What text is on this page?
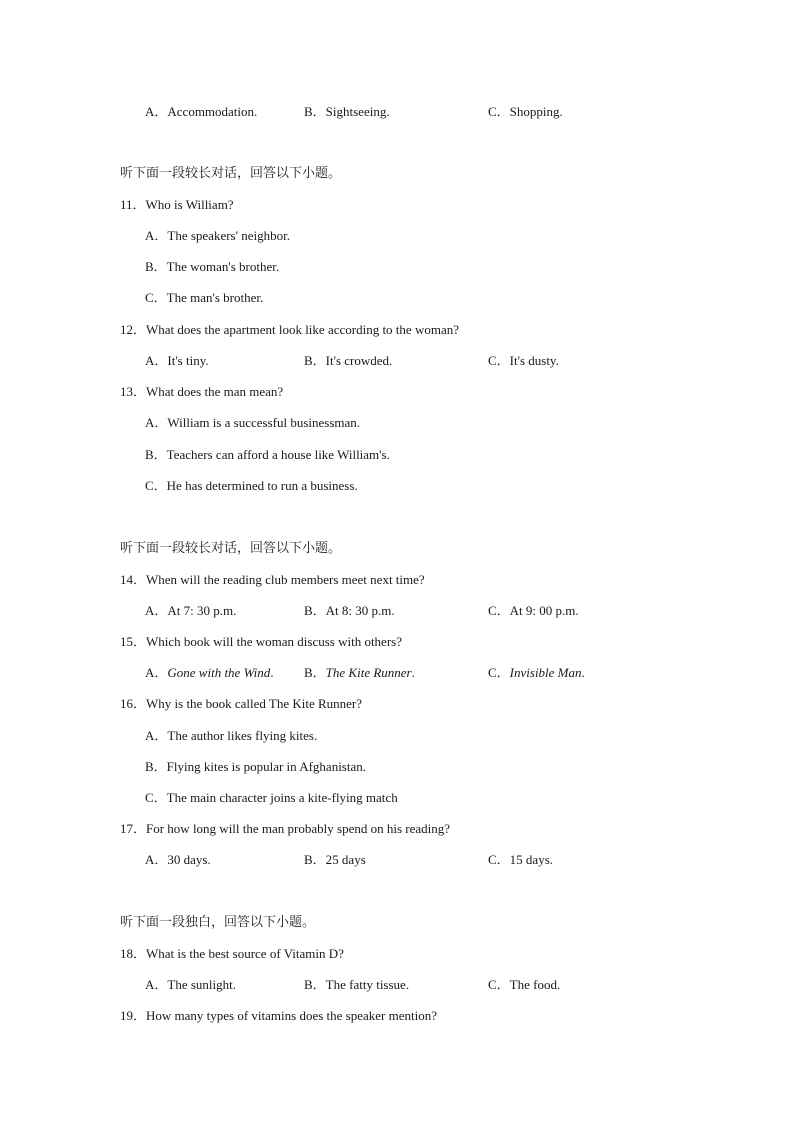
A．Accommodation.	B．Sightseeing.	C．Shopping.
听下面一段较长对话，回答以下小题。
11．Who is William?
A．The speakers' neighbor.
B．The woman's brother.
C．The man's brother.
12．What does the apartment look like according to the woman?
A．It's tiny.	B．It's crowded.	C．It's dusty.
13．What does the man mean?
A．William is a successful businessman.
B．Teachers can afford a house like William's.
C．He has determined to run a business.
听下面一段较长对话，回答以下小题。
14．When will the reading club members meet next time?
A．At 7: 30 p.m.	B．At 8: 30 p.m.	C．At 9: 00 p.m.
15．Which book will the woman discuss with others?
A．Gone with the Wind. B．The Kite Runner.	C．Invisible Man.
16．Why is the book called The Kite Runner?
A．The author likes flying kites.
B．Flying kites is popular in Afghanistan.
C．The main character joins a kite-flying match
17．For how long will the man probably spend on his reading?
A．30 days.	B．25 days	C．15 days.
听下面一段独白，回答以下小题。
18．What is the best source of Vitamin D?
A．The sunlight.	B．The fatty tissue.	C．The food.
19．How many types of vitamins does the speaker mention?
